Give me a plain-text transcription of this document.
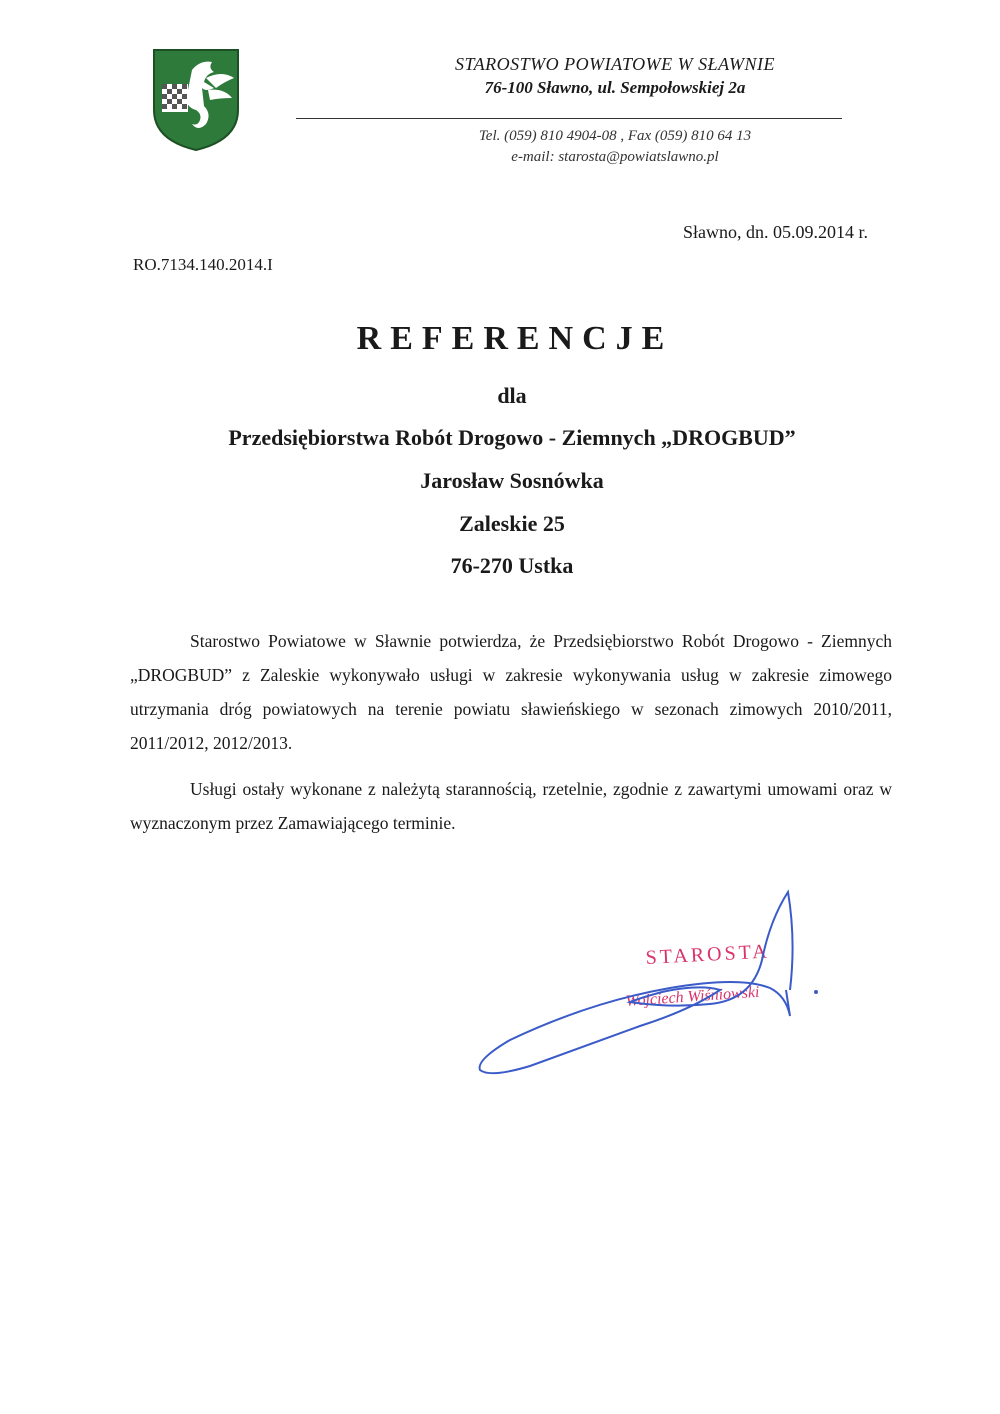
STAROSTWO POWIATOWE W SŁAWNIE
76-100 Sławno, ul. Sempołowskiej 2a
Tel. (059) 810 4904-08 , Fax (059) 810 64 13
e-mail: starosta@powiatslawno.pl
Sławno, dn. 05.09.2014 r.
RO.7134.140.2014.I
REFERENCJE
dla
Przedsiębiorstwa Robót Drogowo - Ziemnych „DROGBUD”
Jarosław Sosnówka
Zaleskie 25
76-270 Ustka
Starostwo Powiatowe w Sławnie potwierdza, że Przedsiębiorstwo Robót Drogowo - Ziemnych „DROGBUD” z Zaleskie wykonywało usługi w zakresie wykonywania usług w zakresie zimowego utrzymania dróg powiatowych na terenie powiatu sławieńskiego w sezonach zimowych 2010/2011, 2011/2012, 2012/2013.
Usługi ostały wykonane z należytą starannością, rzetelnie, zgodnie z zawartymi umowami oraz w wyznaczonym przez Zamawiającego terminie.
STAROSTA
Wojciech Wiśniowski
